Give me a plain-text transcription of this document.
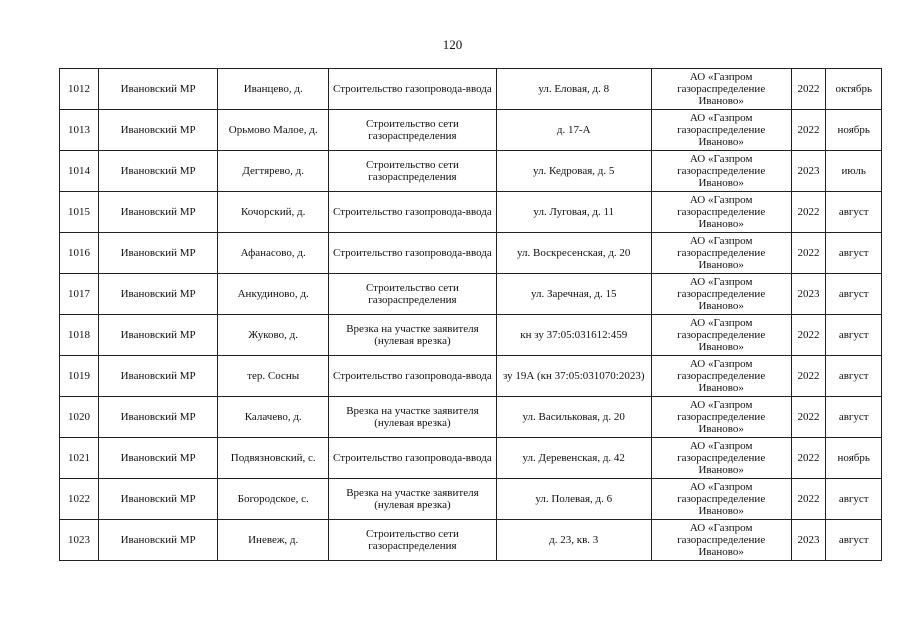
120
1012	Ивановский МР	Иванцево, д.	Строительство газопровода-ввода	ул. Еловая, д. 8	АО «Газпром газораспределение Иваново»	2022	октябрь
1013	Ивановский МР	Орьмово Малое, д.	Строительство сети газораспределения	д. 17-А	АО «Газпром газораспределение Иваново»	2022	ноябрь
1014	Ивановский МР	Дегтярево, д.	Строительство сети газораспределения	ул. Кедровая, д. 5	АО «Газпром газораспределение Иваново»	2023	июль
1015	Ивановский МР	Кочорский, д.	Строительство газопровода-ввода	ул. Луговая, д. 11	АО «Газпром газораспределение Иваново»	2022	август
1016	Ивановский МР	Афанасово, д.	Строительство газопровода-ввода	ул. Воскресенская, д. 20	АО «Газпром газораспределение Иваново»	2022	август
1017	Ивановский МР	Анкудиново, д.	Строительство сети газораспределения	ул. Заречная, д. 15	АО «Газпром газораспределение Иваново»	2023	август
1018	Ивановский МР	Жуково, д.	Врезка на участке заявителя (нулевая врезка)	кн зу 37:05:031612:459	АО «Газпром газораспределение Иваново»	2022	август
1019	Ивановский МР	тер. Сосны	Строительство газопровода-ввода	зу 19А (кн 37:05:031070:2023)	АО «Газпром газораспределение Иваново»	2022	август
1020	Ивановский МР	Калачево, д.	Врезка на участке заявителя (нулевая врезка)	ул. Васильковая, д. 20	АО «Газпром газораспределение Иваново»	2022	август
1021	Ивановский МР	Подвязновский, с.	Строительство газопровода-ввода	ул. Деревенская, д. 42	АО «Газпром газораспределение Иваново»	2022	ноябрь
1022	Ивановский МР	Богородское, с.	Врезка на участке заявителя (нулевая врезка)	ул. Полевая, д. 6	АО «Газпром газораспределение Иваново»	2022	август
1023	Ивановский МР	Иневеж, д.	Строительство сети газораспределения	д. 23, кв. 3	АО «Газпром газораспределение Иваново»	2023	август
